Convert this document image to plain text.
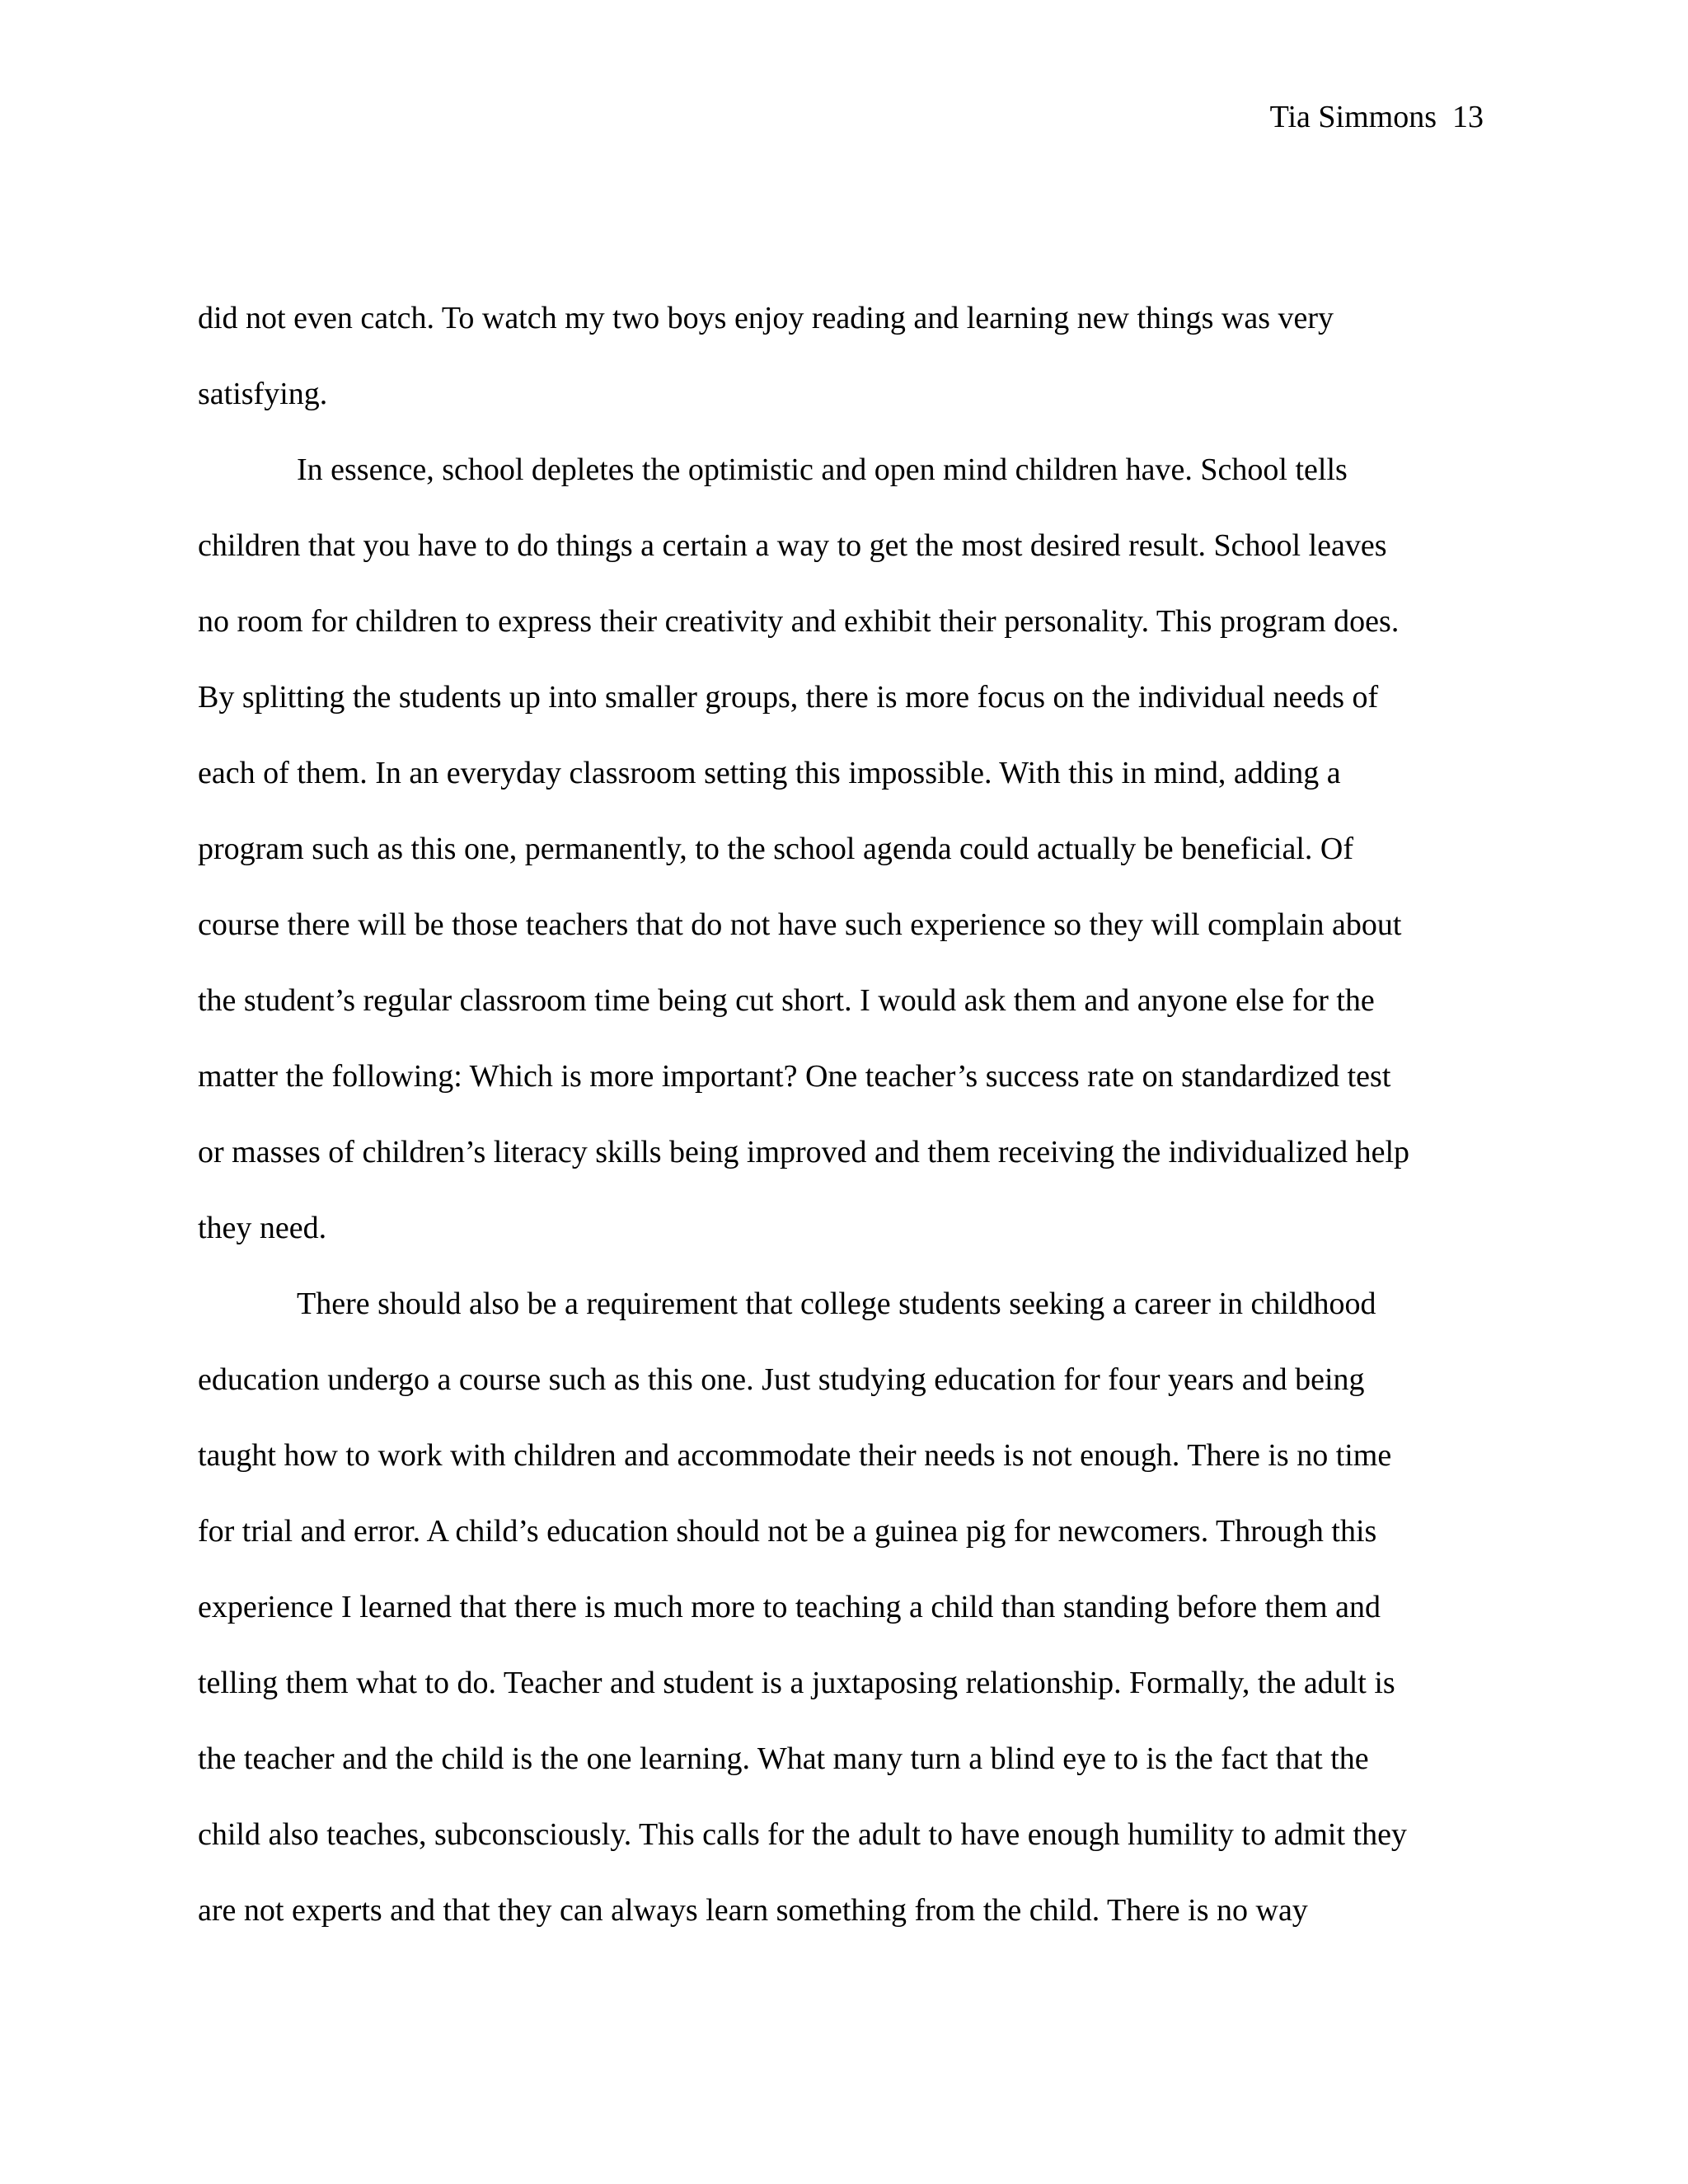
Tia Simmons 13
did not even catch. To watch my two boys enjoy reading and learning new things was very
satisfying.
In essence, school depletes the optimistic and open mind children have. School tells
children that you have to do things a certain a way to get the most desired result. School leaves
no room for children to express their creativity and exhibit their personality. This program does.
By splitting the students up into smaller groups, there is more focus on the individual needs of
each of them. In an everyday classroom setting this impossible. With this in mind, adding a
program such as this one, permanently, to the school agenda could actually be beneficial. Of
course there will be those teachers that do not have such experience so they will complain about
the student’s regular classroom time being cut short. I would ask them and anyone else for the
matter the following: Which is more important? One teacher’s success rate on standardized test
or masses of children’s literacy skills being improved and them receiving the individualized help
they need.
There should also be a requirement that college students seeking a career in childhood
education undergo a course such as this one. Just studying education for four years and being
taught how to work with children and accommodate their needs is not enough. There is no time
for trial and error. A child’s education should not be a guinea pig for newcomers. Through this
experience I learned that there is much more to teaching a child than standing before them and
telling them what to do. Teacher and student is a juxtaposing relationship. Formally, the adult is
the teacher and the child is the one learning. What many turn a blind eye to is the fact that the
child also teaches, subconsciously. This calls for the adult to have enough humility to admit they
are not experts and that they can always learn something from the child. There is no way
